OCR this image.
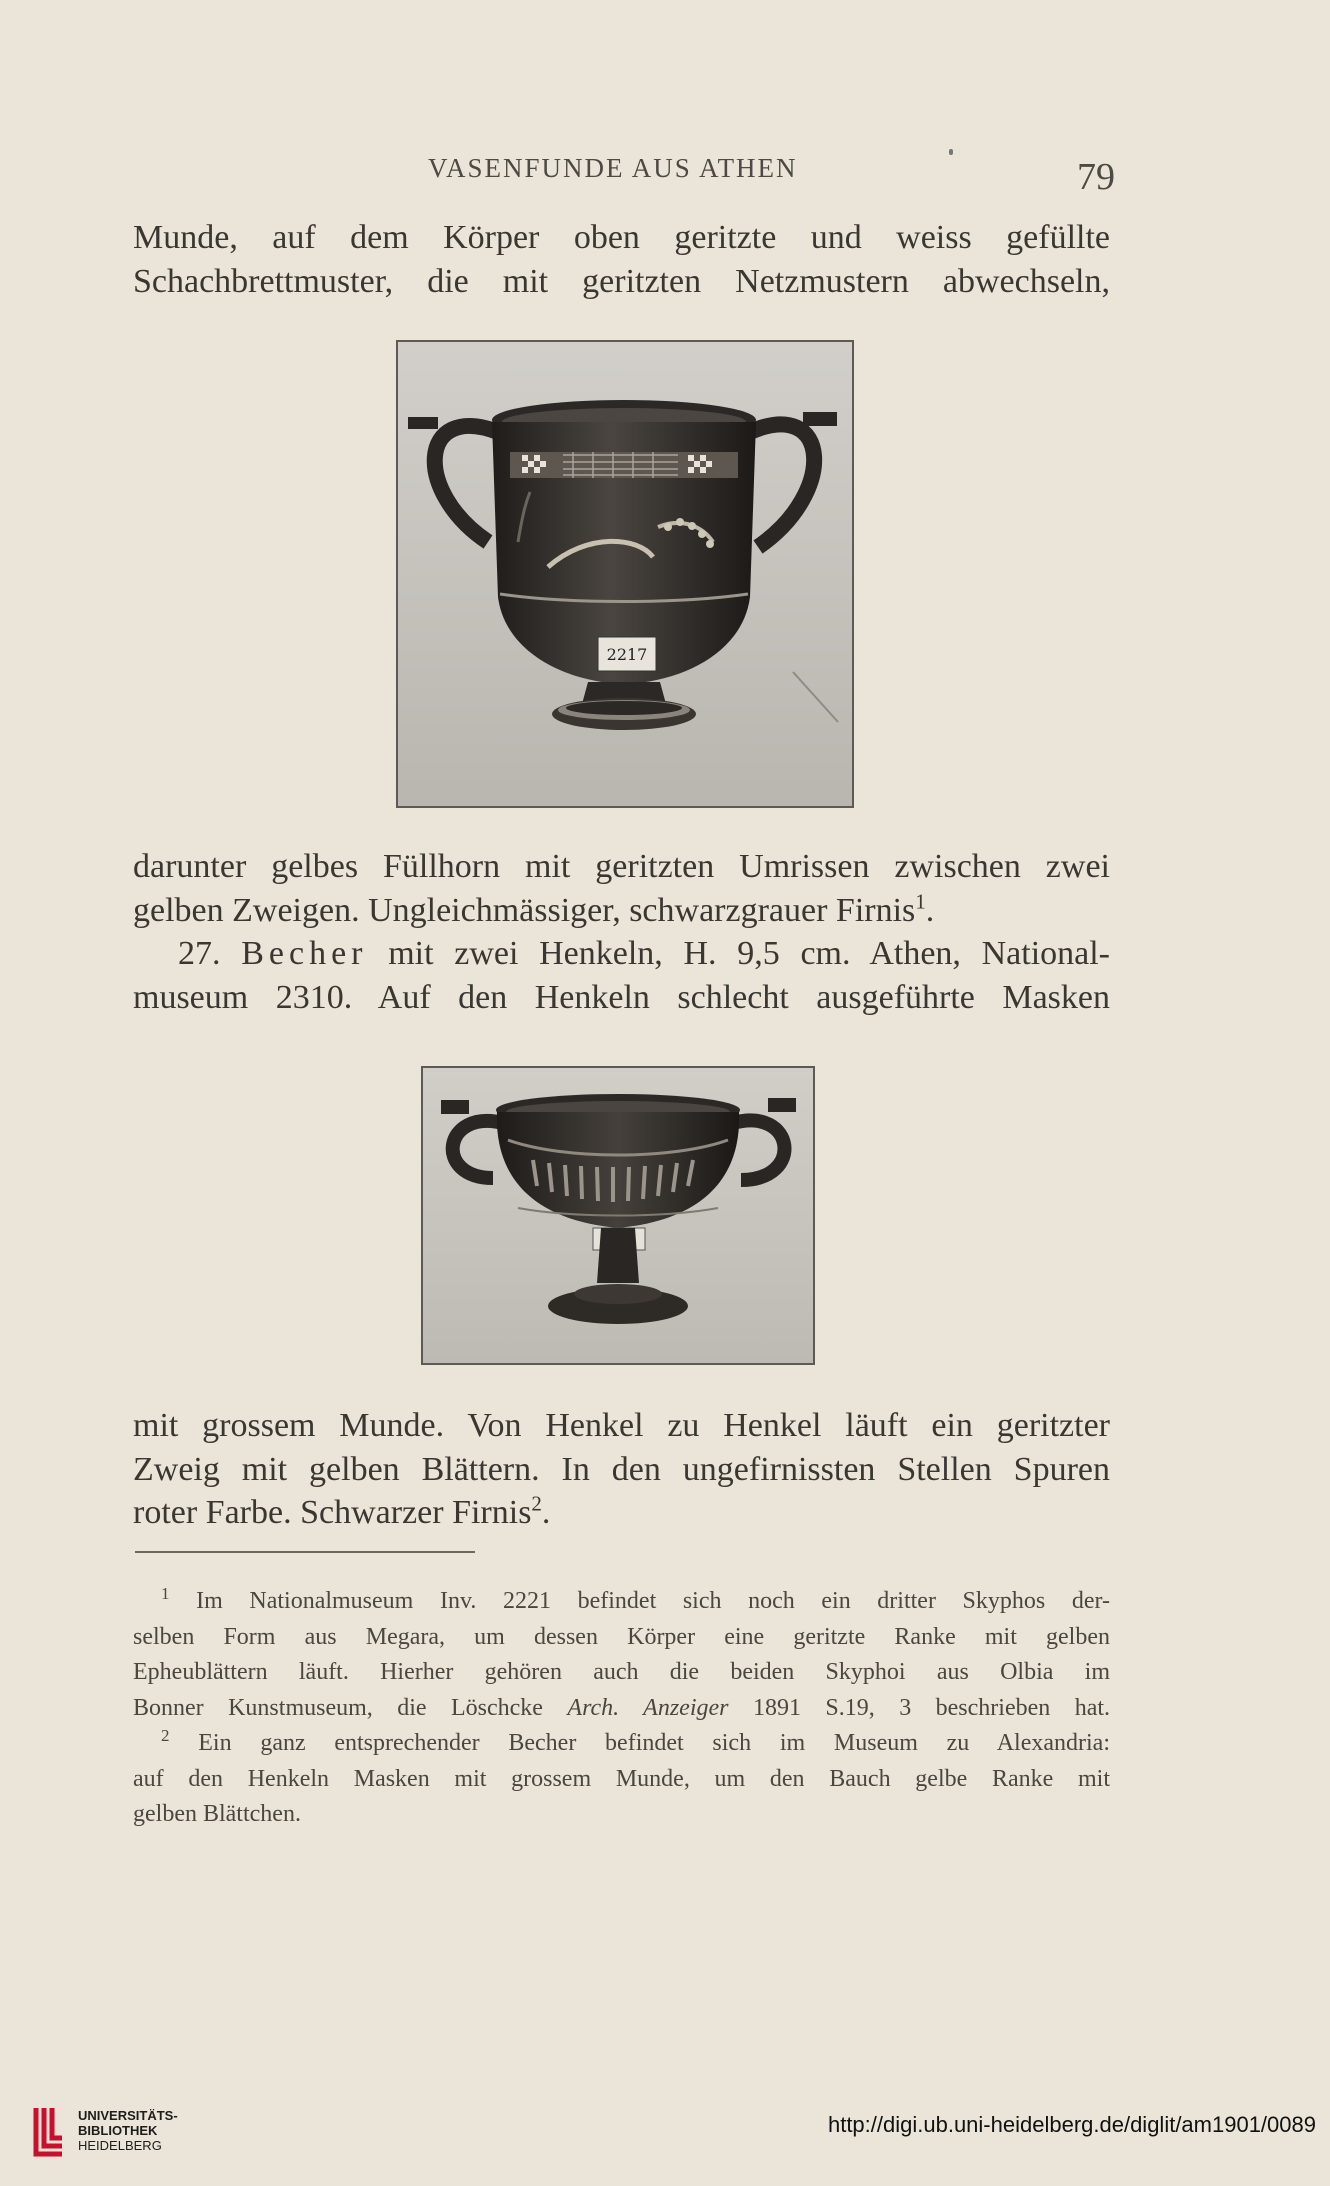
VASENFUNDE AUS ATHEN	79
Munde, auf dem Körper oben geritzte und weiss gefüllte
Schachbrettmuster, die mit geritzten Netzmustern abwechseln,
2217
darunter gelbes Füllhorn mit geritzten Umrissen zwischen zwei
gelben Zweigen. Ungleichmässiger, schwarzgrauer Firnis$^1$.
27. Becher mit zwei Henkeln, H. 9,5 cm. Athen, National-
museum 2310. Auf den Henkeln schlecht ausgeführte Masken
mit grossem Munde. Von Henkel zu Henkel läuft ein geritzter
Zweig mit gelben Blättern. In den ungefirnissten Stellen Spuren
roter Farbe. Schwarzer Firnis$^2$.
$^1$ Im Nationalmuseum Inv. 2221 befindet sich noch ein dritter Skyphos der-
selben Form aus Megara, um dessen Körper eine geritzte Ranke mit gelben
Epheublättern läuft. Hierher gehören auch die beiden Skyphoi aus Olbia im
Bonner Kunstmuseum, die Löschcke Arch. Anzeiger 1891 S.19, 3 beschrieben hat.
$^2$ Ein ganz entsprechender Becher befindet sich im Museum zu Alexandria:
auf den Henkeln Masken mit grossem Munde, um den Bauch gelbe Ranke mit
gelben Blättchen.
UNIVERSITÄTS-
BIBLIOTHEK
HEIDELBERG
http://digi.ub.uni-heidelberg.de/diglit/am1901/0089
